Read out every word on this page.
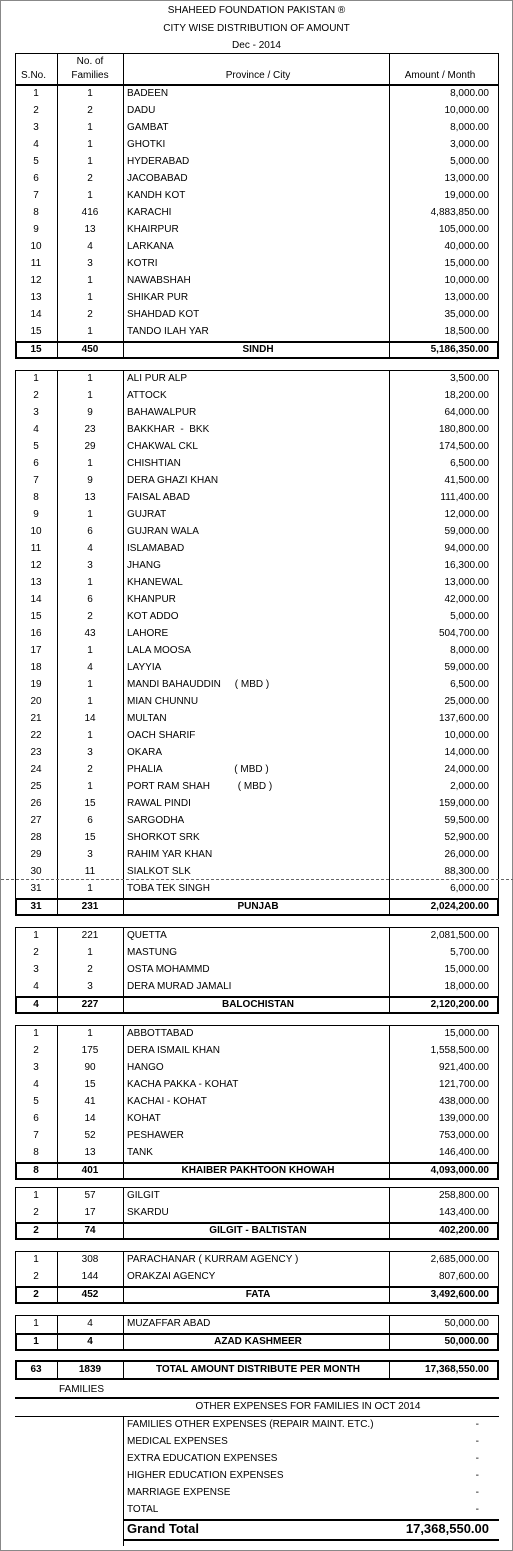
SHAHEED FOUNDATION PAKISTAN ®
CITY WISE DISTRIBUTION OF AMOUNT
Dec - 2014
S.No.
No. of
Families	Province / City	Amount / Month
1	1	BADEEN	8,000.00
2	2	DADU	10,000.00
3	1	GAMBAT	8,000.00
4	1	GHOTKI	3,000.00
5	1	HYDERABAD	5,000.00
6	2	JACOBABAD	13,000.00
7	1	KANDH KOT	19,000.00
8	416	KARACHI	4,883,850.00
9	13	KHAIRPUR	105,000.00
10	4	LARKANA	40,000.00
11	3	KOTRI	15,000.00
12	1	NAWABSHAH	10,000.00
13	1	SHIKAR PUR	13,000.00
14	2	SHAHDAD KOT	35,000.00
15	1	TANDO ILAH YAR	18,500.00
15	450	SINDH	5,186,350.00
1	1	ALI PUR ALP	3,500.00
2	1	ATTOCK	18,200.00
3	9	BAHAWALPUR	64,000.00
4	23	BAKKHAR  -  BKK	180,800.00
5	29	CHAKWAL CKL	174,500.00
6	1	CHISHTIAN	6,500.00
7	9	DERA GHAZI KHAN	41,500.00
8	13	FAISAL ABAD	111,400.00
9	1	GUJRAT	12,000.00
10	6	GUJRAN WALA	59,000.00
11	4	ISLAMABAD	94,000.00
12	3	JHANG	16,300.00
13	1	KHANEWAL	13,000.00
14	6	KHANPUR	42,000.00
15	2	KOT ADDO	5,000.00
16	43	LAHORE	504,700.00
17	1	LALA MOOSA	8,000.00
18	4	LAYYIA	59,000.00
19	1	MANDI BAHAUDDIN     ( MBD )	6,500.00
20	1	MIAN CHUNNU	25,000.00
21	14	MULTAN	137,600.00
22	1	OACH SHARIF	10,000.00
23	3	OKARA	14,000.00
24	2	PHALIA                          ( MBD )	24,000.00
25	1	PORT RAM SHAH          ( MBD )	2,000.00
26	15	RAWAL PINDI	159,000.00
27	6	SARGODHA	59,500.00
28	15	SHORKOT SRK	52,900.00
29	3	RAHIM YAR KHAN	26,000.00
30	11	SIALKOT SLK	88,300.00
31	1	TOBA TEK SINGH	6,000.00
31	231	PUNJAB	2,024,200.00
1	221	QUETTA	2,081,500.00
2	1	MASTUNG	5,700.00
3	2	OSTA MOHAMMD	15,000.00
4	3	DERA MURAD JAMALI	18,000.00
4	227	BALOCHISTAN	2,120,200.00
1	1	ABBOTTABAD	15,000.00
2	175	DERA ISMAIL KHAN	1,558,500.00
3	90	HANGO	921,400.00
4	15	KACHA PAKKA - KOHAT	121,700.00
5	41	KACHAI - KOHAT	438,000.00
6	14	KOHAT	139,000.00
7	52	PESHAWER	753,000.00
8	13	TANK	146,400.00
8	401	KHAIBER PAKHTOON KHOWAH	4,093,000.00
1	57	GILGIT	258,800.00
2	17	SKARDU	143,400.00
2	74	GILGIT - BALTISTAN	402,200.00
1	308	PARACHANAR ( KURRAM AGENCY )	2,685,000.00
2	144	ORAKZAI AGENCY	807,600.00
2	452	FATA	3,492,600.00
1	4	MUZAFFAR ABAD	50,000.00
1	4	AZAD KASHMEER	50,000.00
63	1839	TOTAL AMOUNT DISTRIBUTE PER MONTH	17,368,550.00
FAMILIES
OTHER EXPENSES FOR FAMILIES IN OCT 2014
FAMILIES OTHER EXPENSES (REPAIR MAINT. ETC.)	-
MEDICAL EXPENSES	-
EXTRA EDUCATION EXPENSES	-
HIGHER EDUCATION EXPENSES	-
MARRIAGE EXPENSE	-
TOTAL	-
Grand Total	17,368,550.00
